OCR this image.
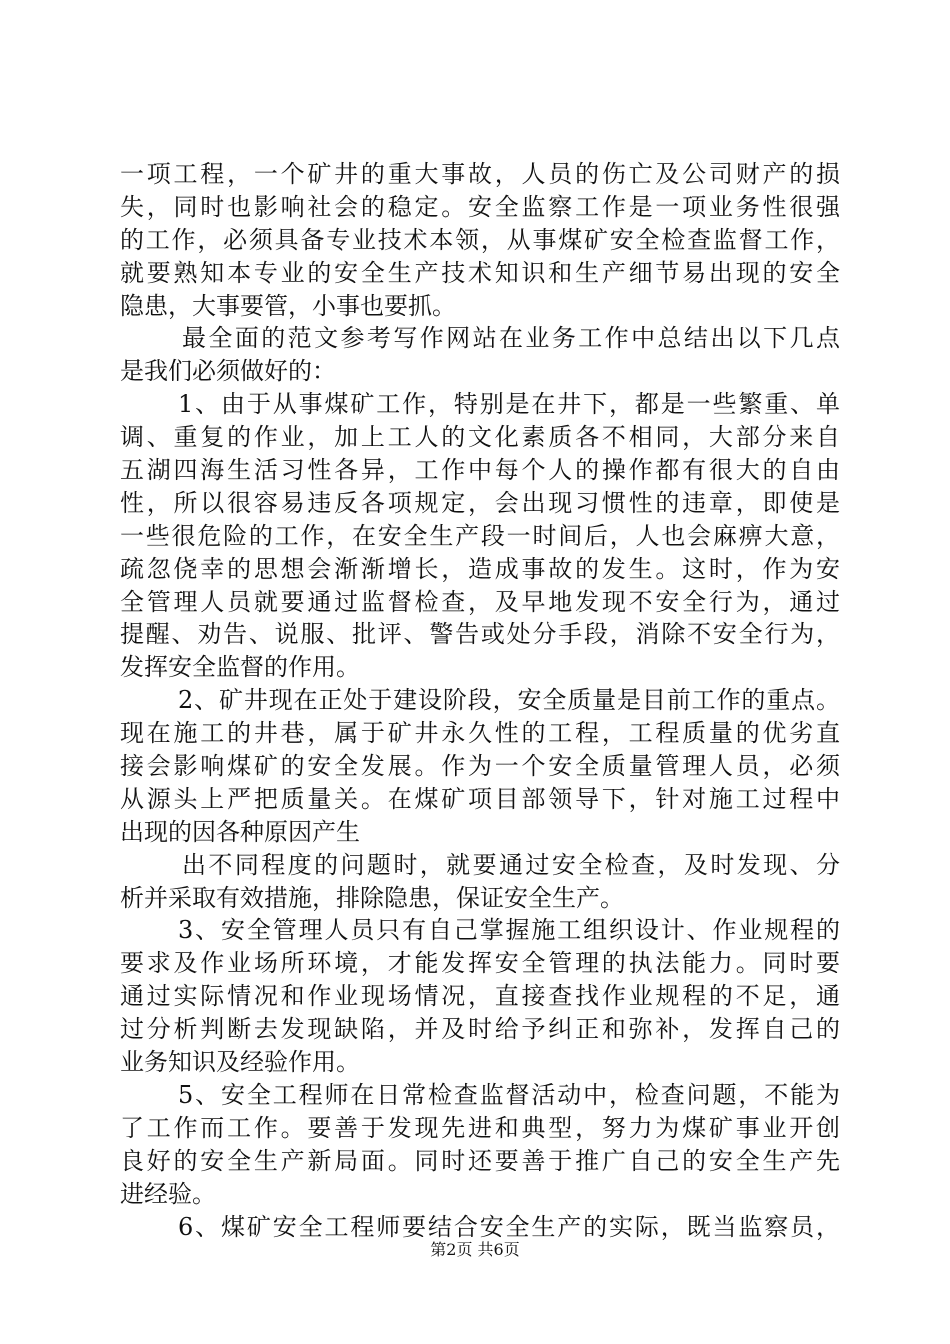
一项工程，一个矿井的重大事故，人员的伤亡及公司财产的损
失，同时也影响社会的稳定。安全监察工作是一项业务性很强
的工作，必须具备专业技术本领，从事煤矿安全检查监督工作，
就要熟知本专业的安全生产技术知识和生产细节易出现的安全
隐患，大事要管，小事也要抓。
最全面的范文参考写作网站在业务工作中总结出以下几点
是我们必须做好的：
1、由于从事煤矿工作，特别是在井下，都是一些繁重、单
调、重复的作业，加上工人的文化素质各不相同，大部分来自
五湖四海生活习性各异，工作中每个人的操作都有很大的自由
性，所以很容易违反各项规定，会出现习惯性的违章，即使是
一些很危险的工作，在安全生产段一时间后，人也会麻痹大意，
疏忽侥幸的思想会渐渐增长，造成事故的发生。这时，作为安
全管理人员就要通过监督检查，及早地发现不安全行为，通过
提醒、劝告、说服、批评、警告或处分手段，消除不安全行为，
发挥安全监督的作用。
2、矿井现在正处于建设阶段，安全质量是目前工作的重点。
现在施工的井巷，属于矿井永久性的工程，工程质量的优劣直
接会影响煤矿的安全发展。作为一个安全质量管理人员，必须
从源头上严把质量关。在煤矿项目部领导下，针对施工过程中
出现的因各种原因产生
出不同程度的问题时，就要通过安全检查，及时发现、分
析并采取有效措施，排除隐患，保证安全生产。
3、安全管理人员只有自己掌握施工组织设计、作业规程的
要求及作业场所环境，才能发挥安全管理的执法能力。同时要
通过实际情况和作业现场情况，直接查找作业规程的不足，通
过分析判断去发现缺陷，并及时给予纠正和弥补，发挥自己的
业务知识及经验作用。
5、安全工程师在日常检查监督活动中，检查问题，不能为
了工作而工作。要善于发现先进和典型，努力为煤矿事业开创
良好的安全生产新局面。同时还要善于推广自己的安全生产先
进经验。
6、煤矿安全工程师要结合安全生产的实际，既当监察员，
第2页 共6页
